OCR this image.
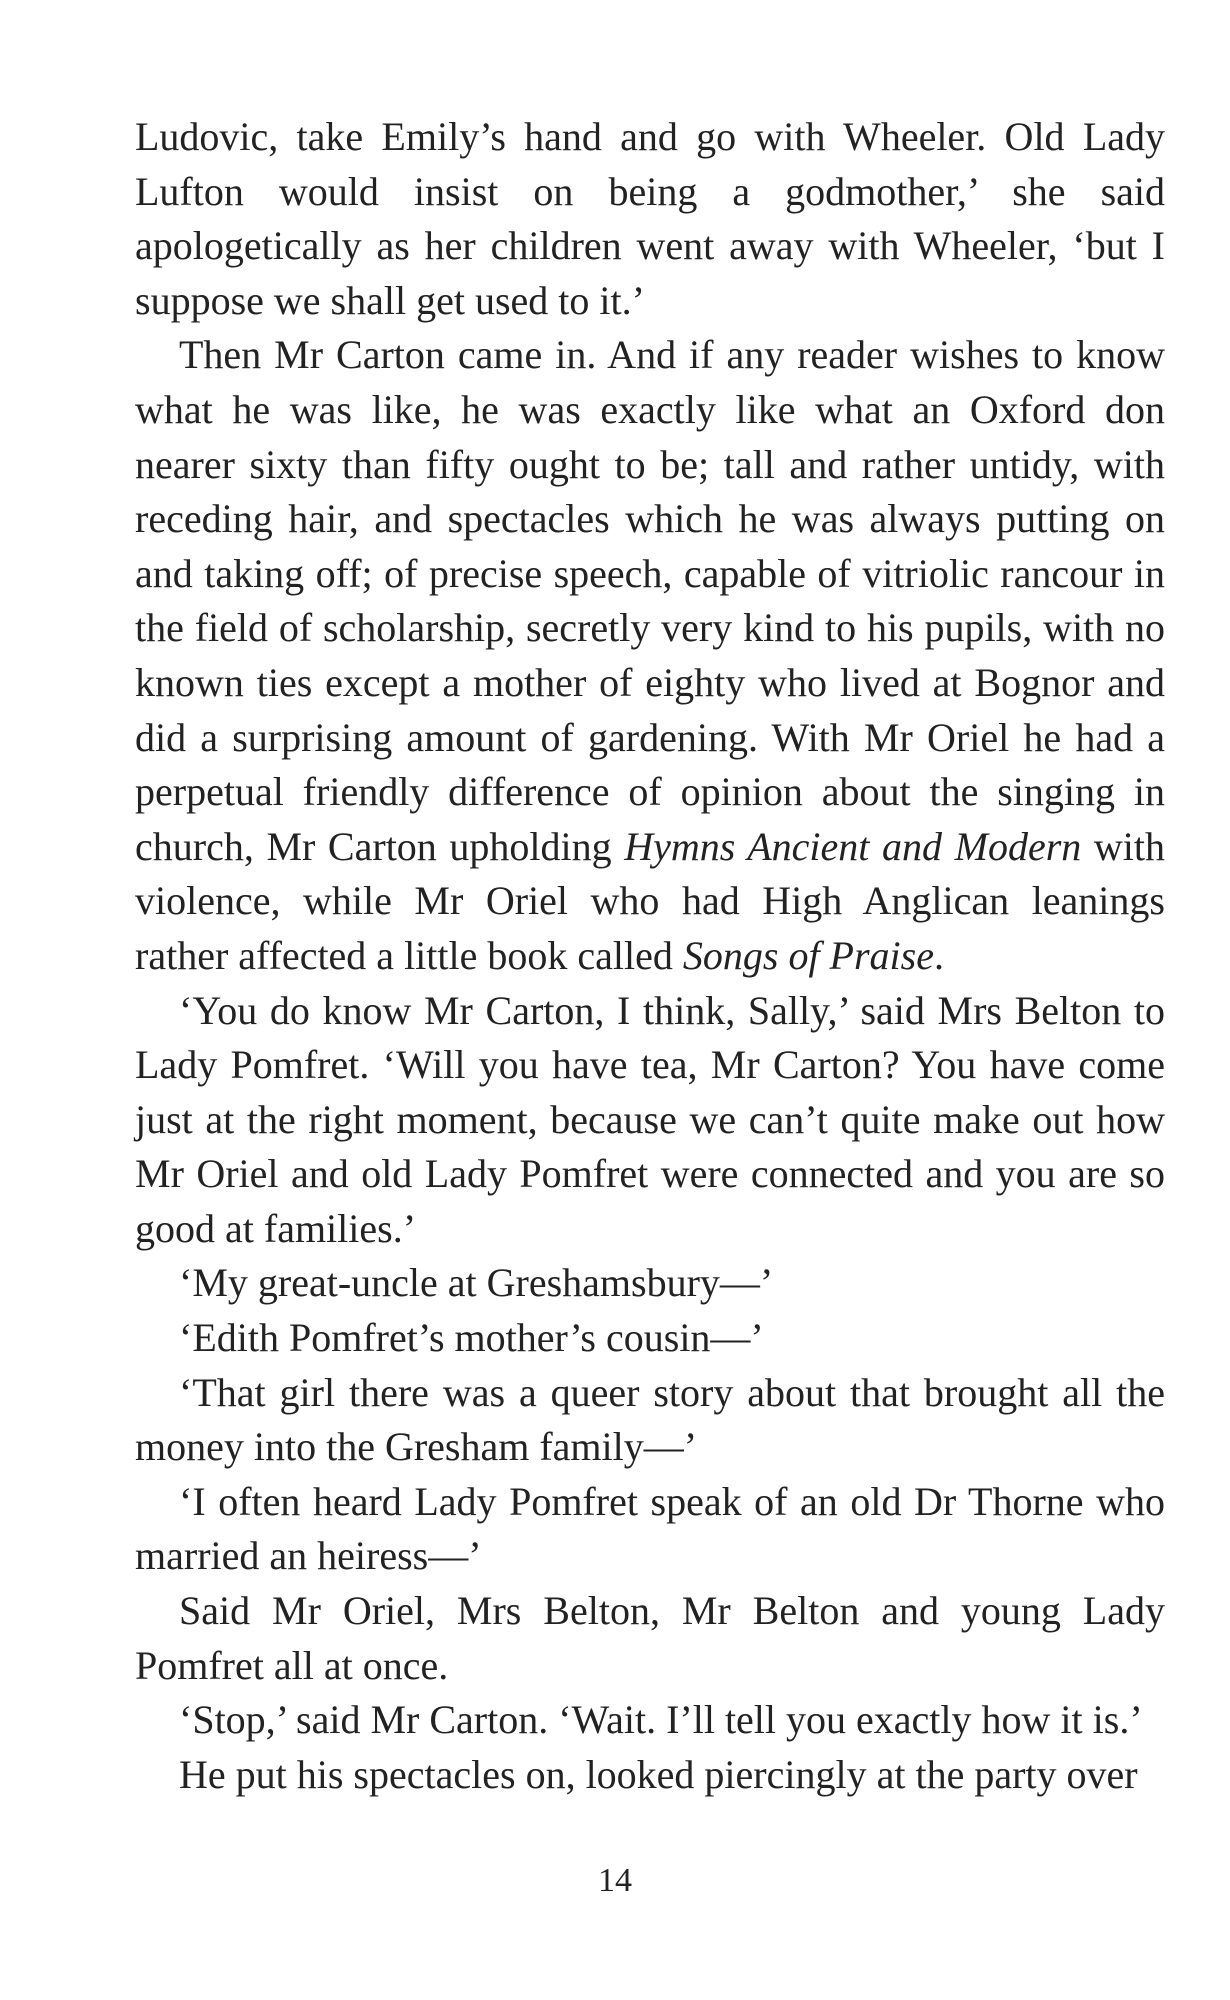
Ludovic, take Emily’s hand and go with Wheeler. Old Lady Lufton would insist on being a godmother,’ she said apologetically as her children went away with Wheeler, ‘but I suppose we shall get used to it.’

Then Mr Carton came in. And if any reader wishes to know what he was like, he was exactly like what an Oxford don nearer sixty than fifty ought to be; tall and rather untidy, with receding hair, and spectacles which he was always putting on and taking off; of precise speech, capable of vitriolic rancour in the field of scholarship, secretly very kind to his pupils, with no known ties except a mother of eighty who lived at Bognor and did a surprising amount of gardening. With Mr Oriel he had a perpetual friendly difference of opinion about the singing in church, Mr Carton upholding Hymns Ancient and Modern with violence, while Mr Oriel who had High Anglican leanings rather affected a little book called Songs of Praise.

‘You do know Mr Carton, I think, Sally,’ said Mrs Belton to Lady Pomfret. ‘Will you have tea, Mr Carton? You have come just at the right moment, because we can’t quite make out how Mr Oriel and old Lady Pomfret were connected and you are so good at families.’

‘My great-uncle at Greshamsbury—’

‘Edith Pomfret’s mother’s cousin—’

‘That girl there was a queer story about that brought all the money into the Gresham family—’

‘I often heard Lady Pomfret speak of an old Dr Thorne who married an heiress—’

Said Mr Oriel, Mrs Belton, Mr Belton and young Lady Pomfret all at once.

‘Stop,’ said Mr Carton. ‘Wait. I’ll tell you exactly how it is.’

He put his spectacles on, looked piercingly at the party over

14
